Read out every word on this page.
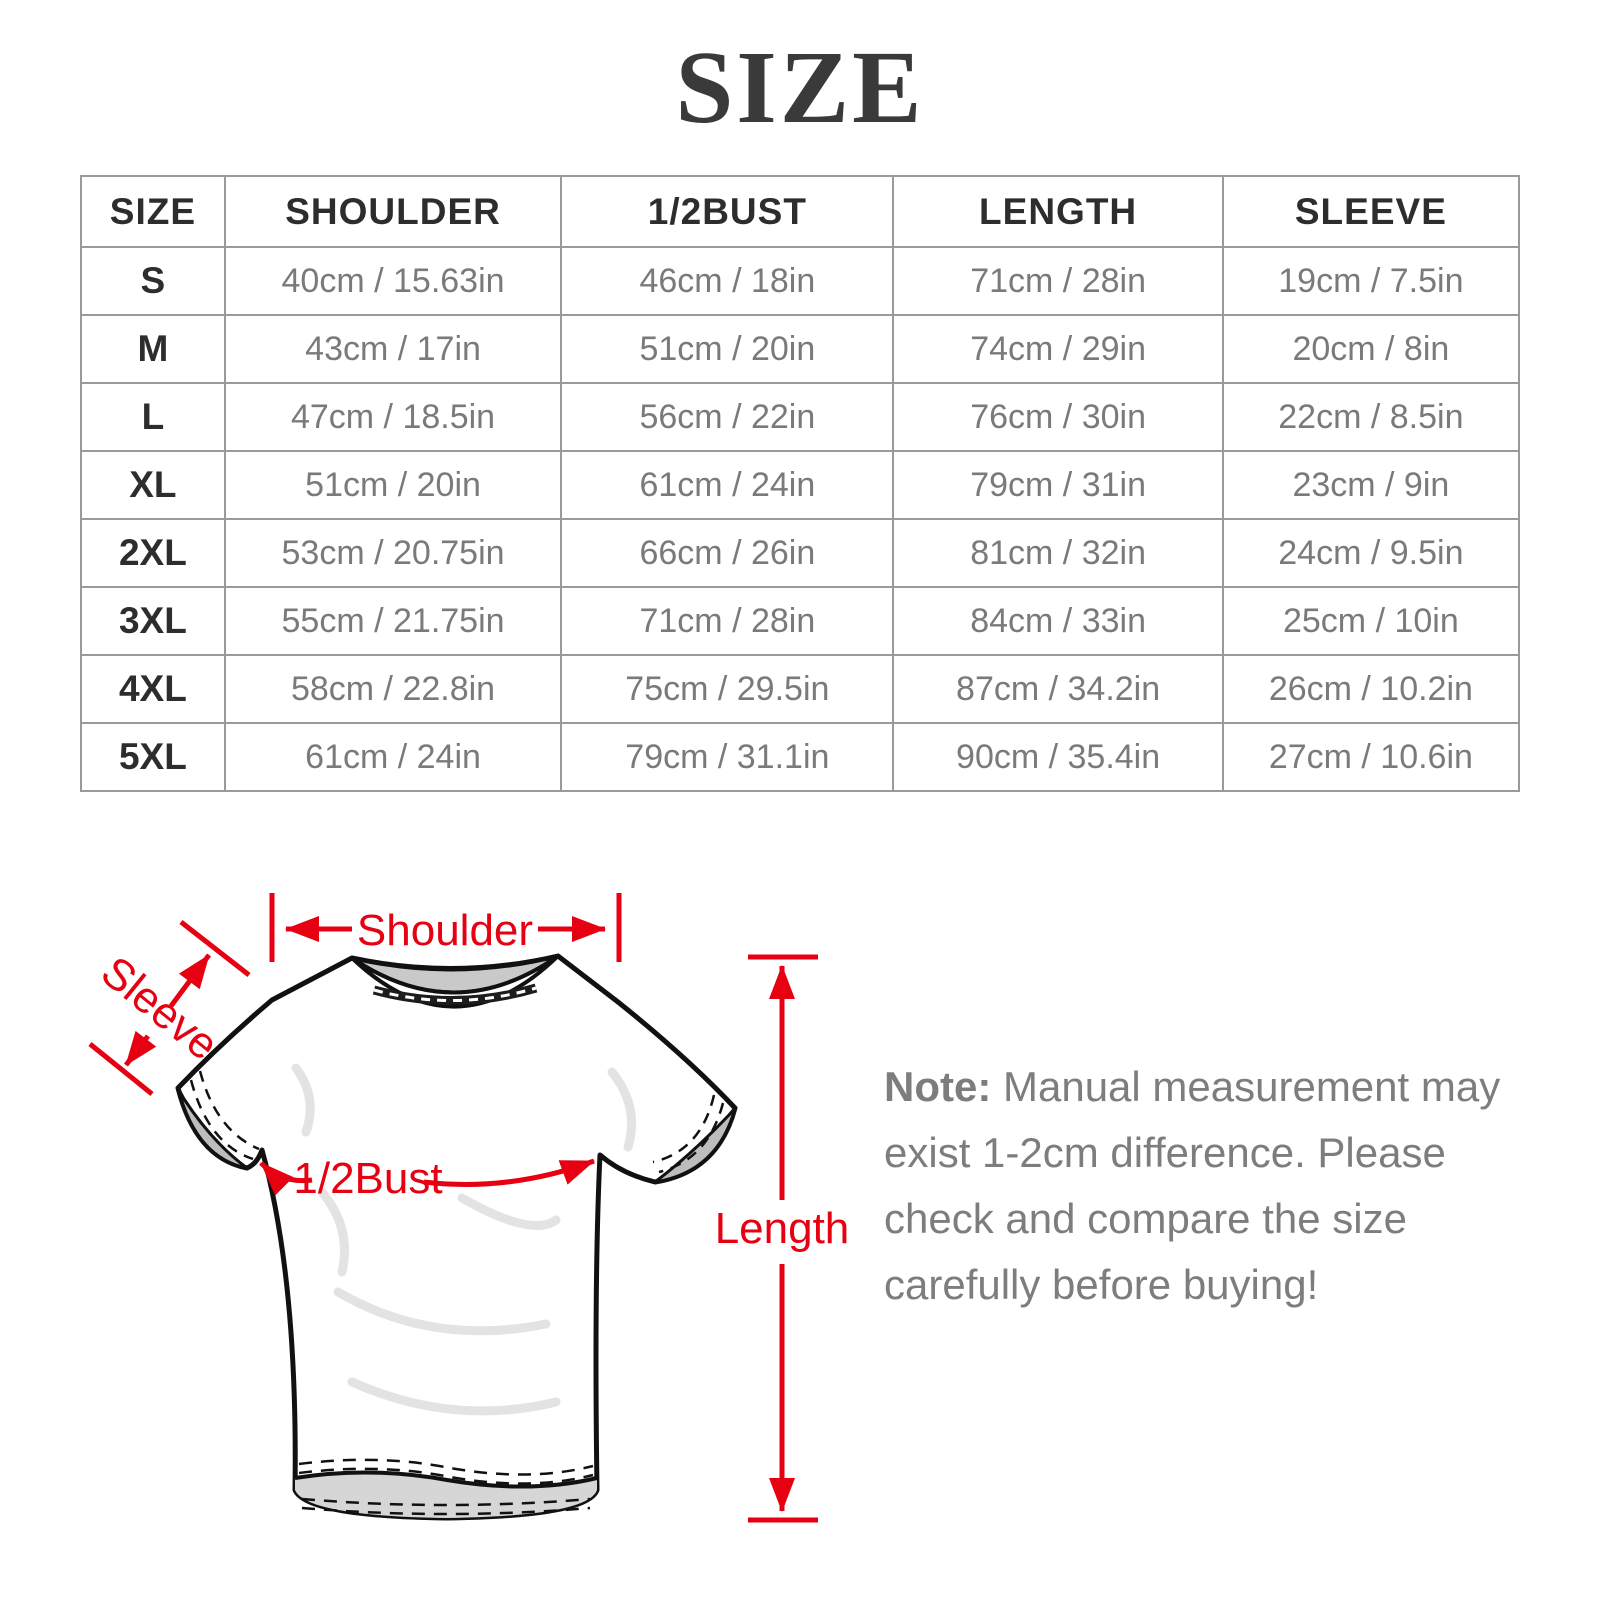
SIZE
SIZE	SHOULDER	1/2BUST	LENGTH	SLEEVE
S	40cm / 15.63in	46cm / 18in	71cm / 28in	19cm / 7.5in
M	43cm / 17in	51cm / 20in	74cm / 29in	20cm / 8in
L	47cm / 18.5in	56cm / 22in	76cm / 30in	22cm / 8.5in
XL	51cm / 20in	61cm / 24in	79cm / 31in	23cm / 9in
2XL	53cm / 20.75in	66cm / 26in	81cm / 32in	24cm / 9.5in
3XL	55cm / 21.75in	71cm / 28in	84cm / 33in	25cm / 10in
4XL	58cm / 22.8in	75cm / 29.5in	87cm / 34.2in	26cm / 10.2in
5XL	61cm / 24in	79cm / 31.1in	90cm / 35.4in	27cm / 10.6in
Shoulder
Sleeve
1/2Bust
Length
Note: Manual measurement may
exist 1-2cm difference. Please
check and compare the size
carefully before buying!
